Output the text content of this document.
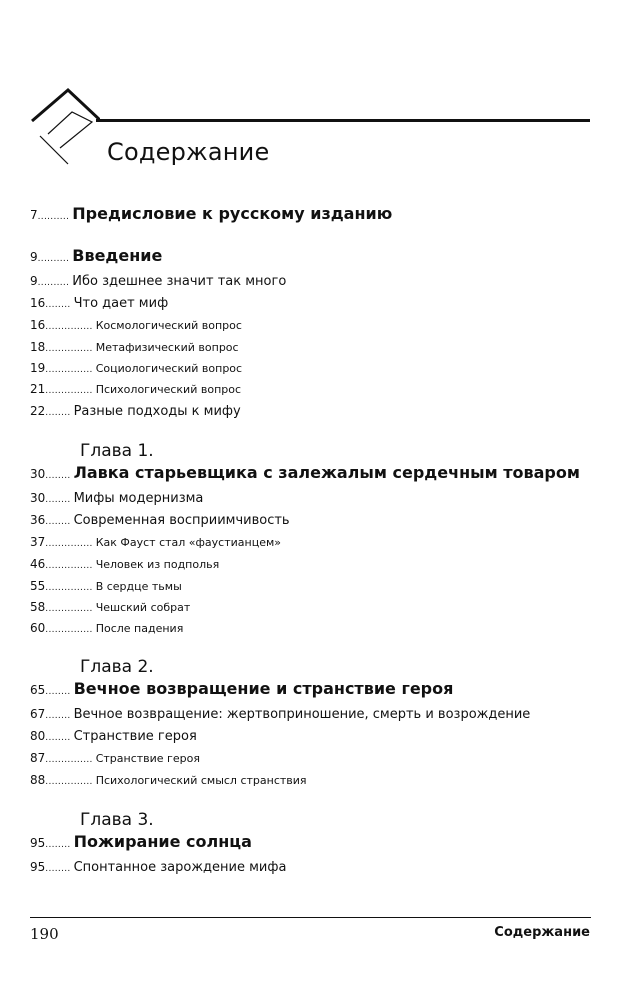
Содержание
7.......... Предисловие к русскому изданию
9.......... Введение
9.......... Ибо здешнее значит так много
16........ Что дает миф
16............... Космологический вопрос
18............... Метафизический вопрос
19............... Социологический вопрос
21............... Психологический вопрос
22........ Разные подходы к мифу
Глава 1.
30........ Лавка старьевщика с залежалым сердечным товаром
30........ Мифы модернизма
36........ Современная восприимчивость
37............... Как Фауст стал «фаустианцем»
46............... Человек из подполья
55............... В сердце тьмы
58............... Чешский собрат
60............... После падения
Глава 2.
65........ Вечное возвращение и странствие героя
67........ Вечное возвращение: жертвоприношение, смерть и возрождение
80........ Странствие героя
87............... Странствие героя
88............... Психологический смысл странствия
Глава 3.
95........ Пожирание солнца
95........ Спонтанное зарождение мифа
190	Содержание
